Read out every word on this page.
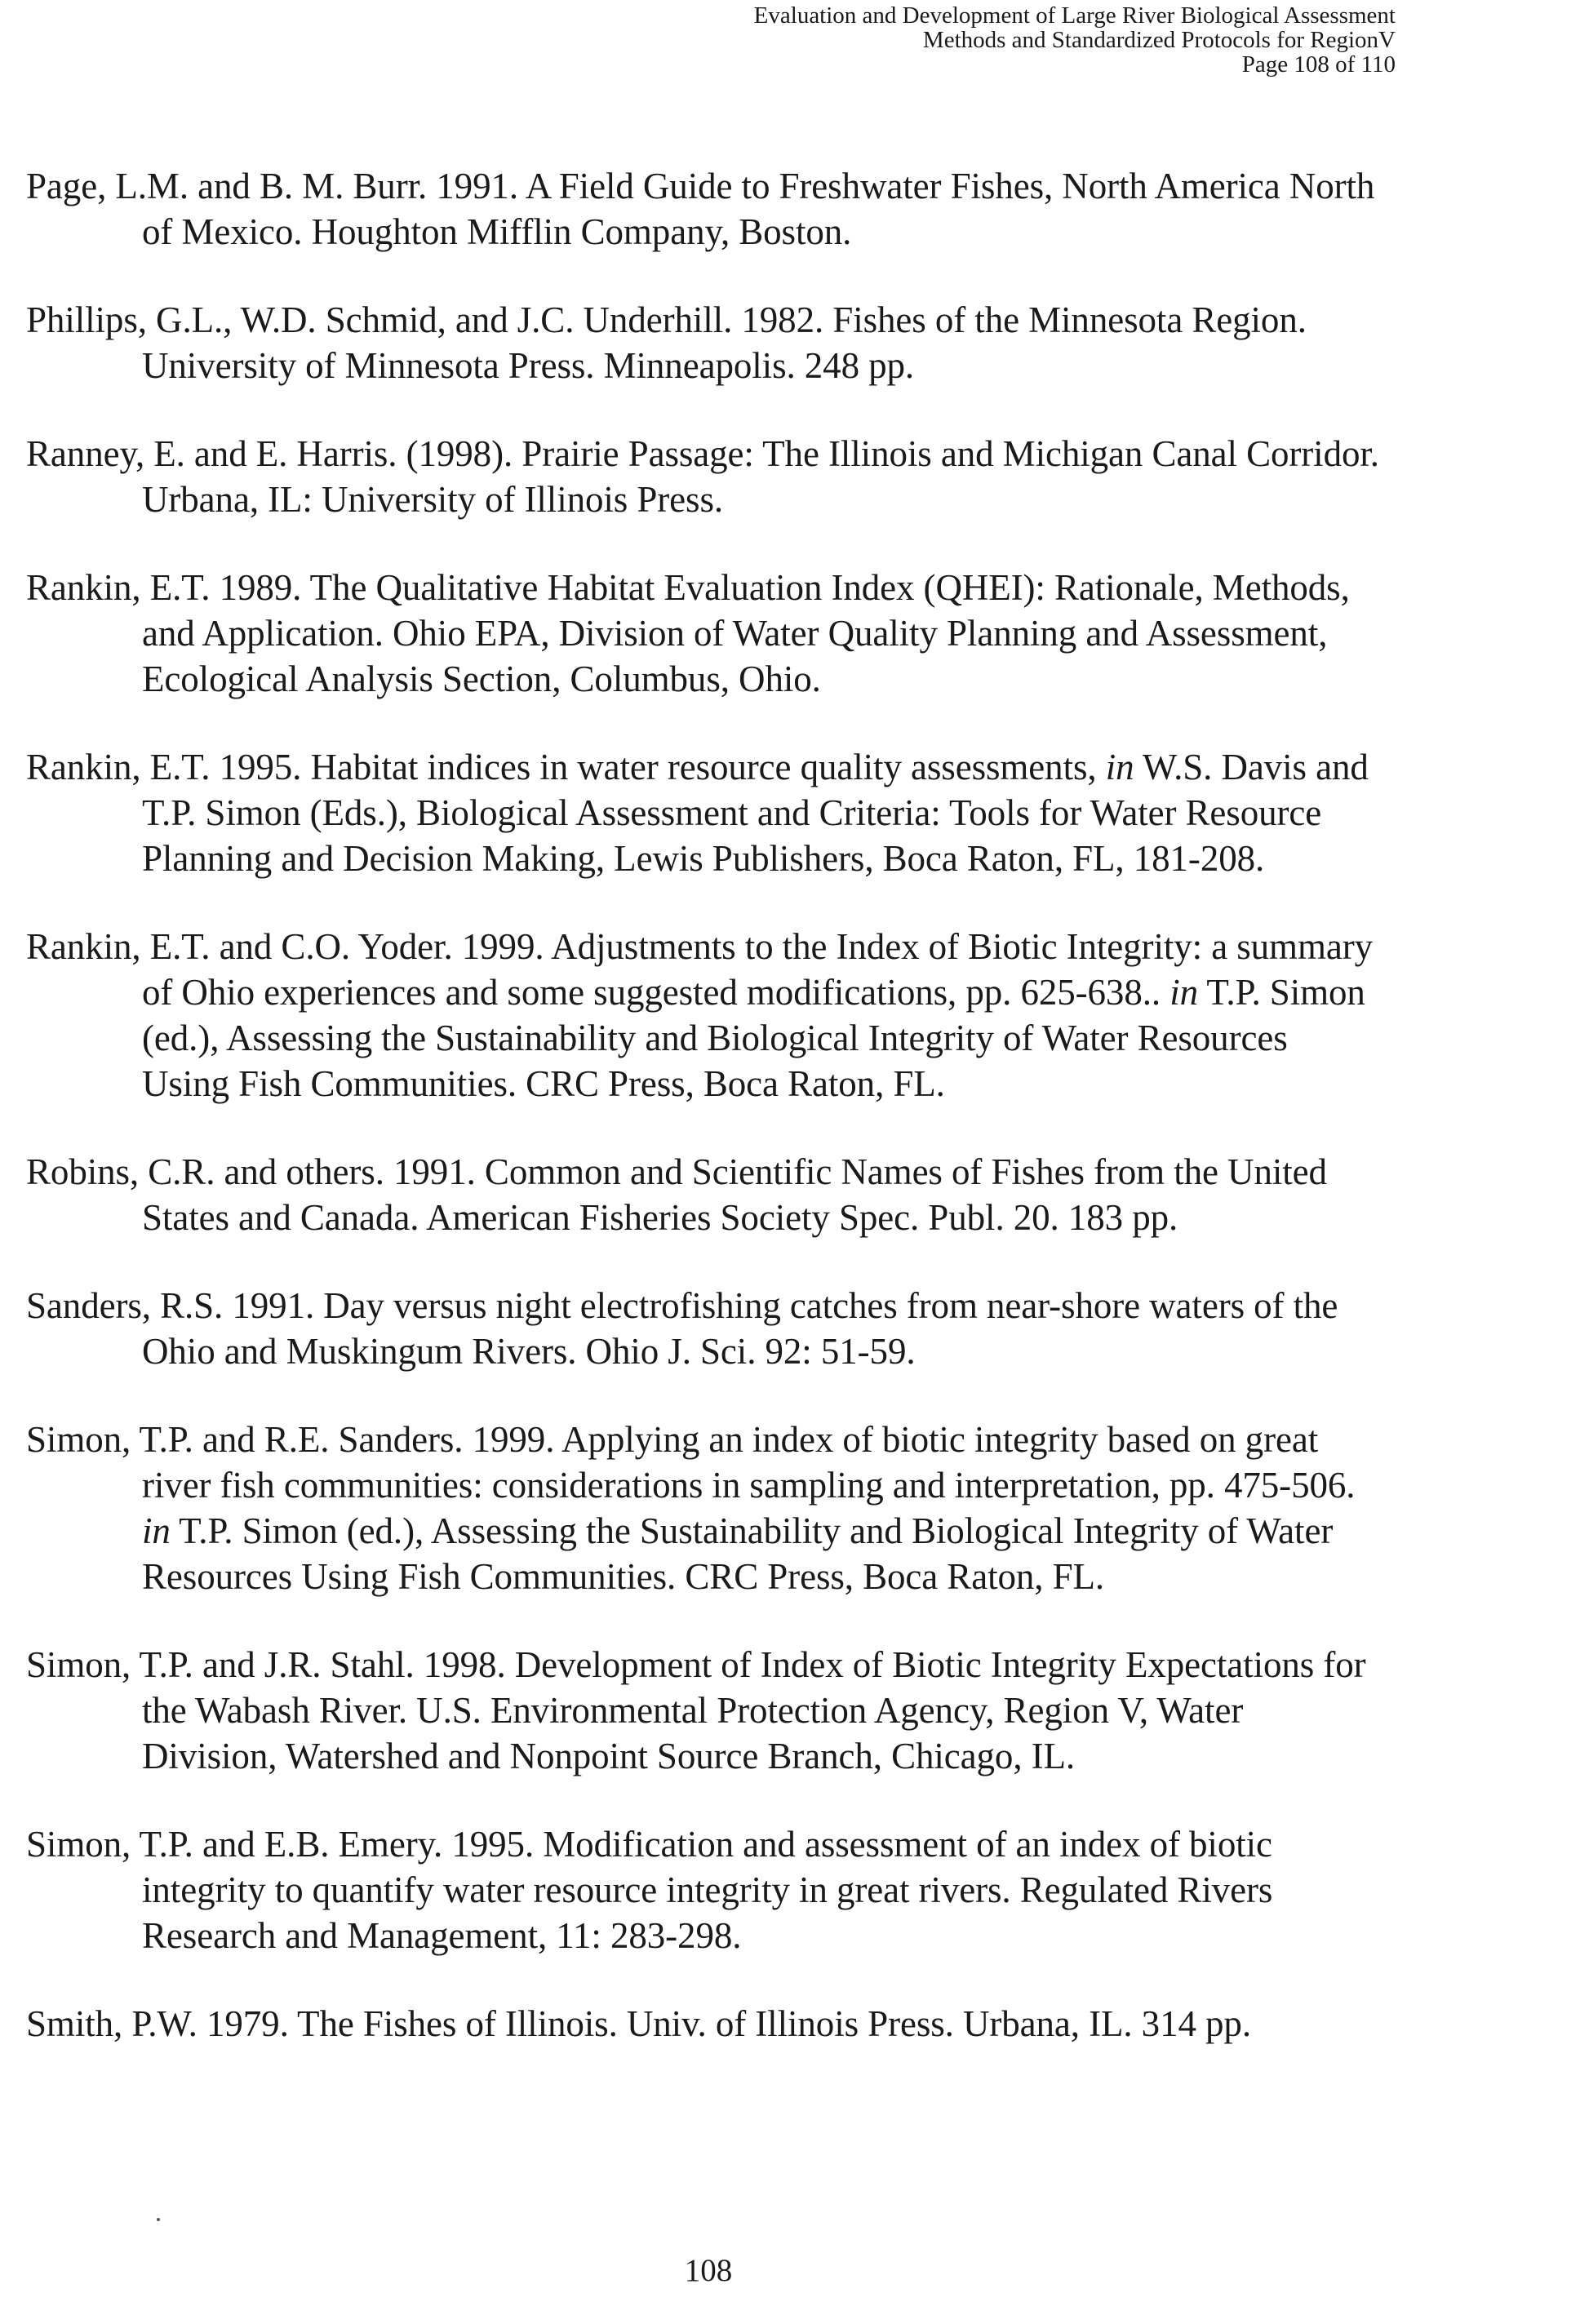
Evaluation and Development of Large River Biological Assessment
Methods and Standardized Protocols for RegionV
Page 108 of 110

Page, L.M. and B. M. Burr. 1991. A Field Guide to Freshwater Fishes, North America North of Mexico. Houghton Mifflin Company, Boston.

Phillips, G.L., W.D. Schmid, and J.C. Underhill. 1982. Fishes of the Minnesota Region. University of Minnesota Press. Minneapolis. 248 pp.

Ranney, E. and E. Harris. (1998). Prairie Passage: The Illinois and Michigan Canal Corridor. Urbana, IL: University of Illinois Press.

Rankin, E.T. 1989. The Qualitative Habitat Evaluation Index (QHEI): Rationale, Methods, and Application. Ohio EPA, Division of Water Quality Planning and Assessment, Ecological Analysis Section, Columbus, Ohio.

Rankin, E.T. 1995. Habitat indices in water resource quality assessments, in W.S. Davis and T.P. Simon (Eds.), Biological Assessment and Criteria: Tools for Water Resource Planning and Decision Making, Lewis Publishers, Boca Raton, FL, 181-208.

Rankin, E.T. and C.O. Yoder. 1999. Adjustments to the Index of Biotic Integrity: a summary of Ohio experiences and some suggested modifications, pp. 625-638.. in T.P. Simon (ed.), Assessing the Sustainability and Biological Integrity of Water Resources Using Fish Communities. CRC Press, Boca Raton, FL.

Robins, C.R. and others. 1991. Common and Scientific Names of Fishes from the United States and Canada. American Fisheries Society Spec. Publ. 20. 183 pp.

Sanders, R.S. 1991. Day versus night electrofishing catches from near-shore waters of the Ohio and Muskingum Rivers. Ohio J. Sci. 92: 51-59.

Simon, T.P. and R.E. Sanders. 1999. Applying an index of biotic integrity based on great river fish communities: considerations in sampling and interpretation, pp. 475-506. in T.P. Simon (ed.), Assessing the Sustainability and Biological Integrity of Water Resources Using Fish Communities. CRC Press, Boca Raton, FL.

Simon, T.P. and J.R. Stahl. 1998. Development of Index of Biotic Integrity Expectations for the Wabash River. U.S. Environmental Protection Agency, Region V, Water Division, Watershed and Nonpoint Source Branch, Chicago, IL.

Simon, T.P. and E.B. Emery. 1995. Modification and assessment of an index of biotic integrity to quantify water resource integrity in great rivers. Regulated Rivers Research and Management, 11: 283-298.

Smith, P.W. 1979. The Fishes of Illinois. Univ. of Illinois Press. Urbana, IL. 314 pp.

108
